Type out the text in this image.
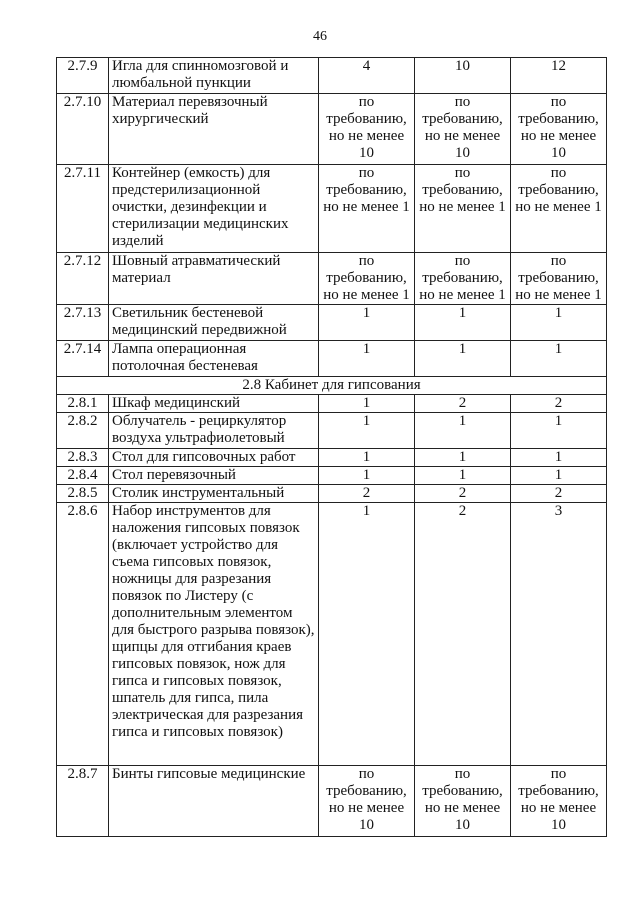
46
2.7.9	Игла для спинномозговой и люмбальной пункции	4	10	12
2.7.10	Материал перевязочный хирургический	по требованию, но не менее 10	по требованию, но не менее 10	по требованию, но не менее 10
2.7.11	Контейнер (емкость) для предстерилизационной очистки, дезинфекции и стерилизации медицинских изделий	по требованию, но не менее 1	по требованию, но не менее 1	по требованию, но не менее 1
2.7.12	Шовный атравматический материал	по требованию, но не менее 1	по требованию, но не менее 1	по требованию, но не менее 1
2.7.13	Светильник бестеневой медицинский передвижной	1	1	1
2.7.14	Лампа операционная потолочная бестеневая	1	1	1
2.8 Кабинет для гипсования				
2.8.1	Шкаф медицинский	1	2	2
2.8.2	Облучатель - рециркулятор воздуха ультрафиолетовый	1	1	1
2.8.3	Стол для гипсовочных работ	1	1	1
2.8.4	Стол перевязочный	1	1	1
2.8.5	Столик инструментальный	2	2	2
2.8.6	Набор инструментов для наложения гипсовых повязок (включает устройство для съема гипсовых повязок, ножницы для разрезания повязок по Листеру (с дополнительным элементом для быстрого разрыва повязок), щипцы для отгибания краев гипсовых повязок, нож для гипса и гипсовых повязок, шпатель для гипса, пила электрическая для разрезания гипса и гипсовых повязок)	1	2	3
2.8.7	Бинты гипсовые медицинские	по требованию, но не менее 10	по требованию, но не менее 10	по требованию, но не менее 10
